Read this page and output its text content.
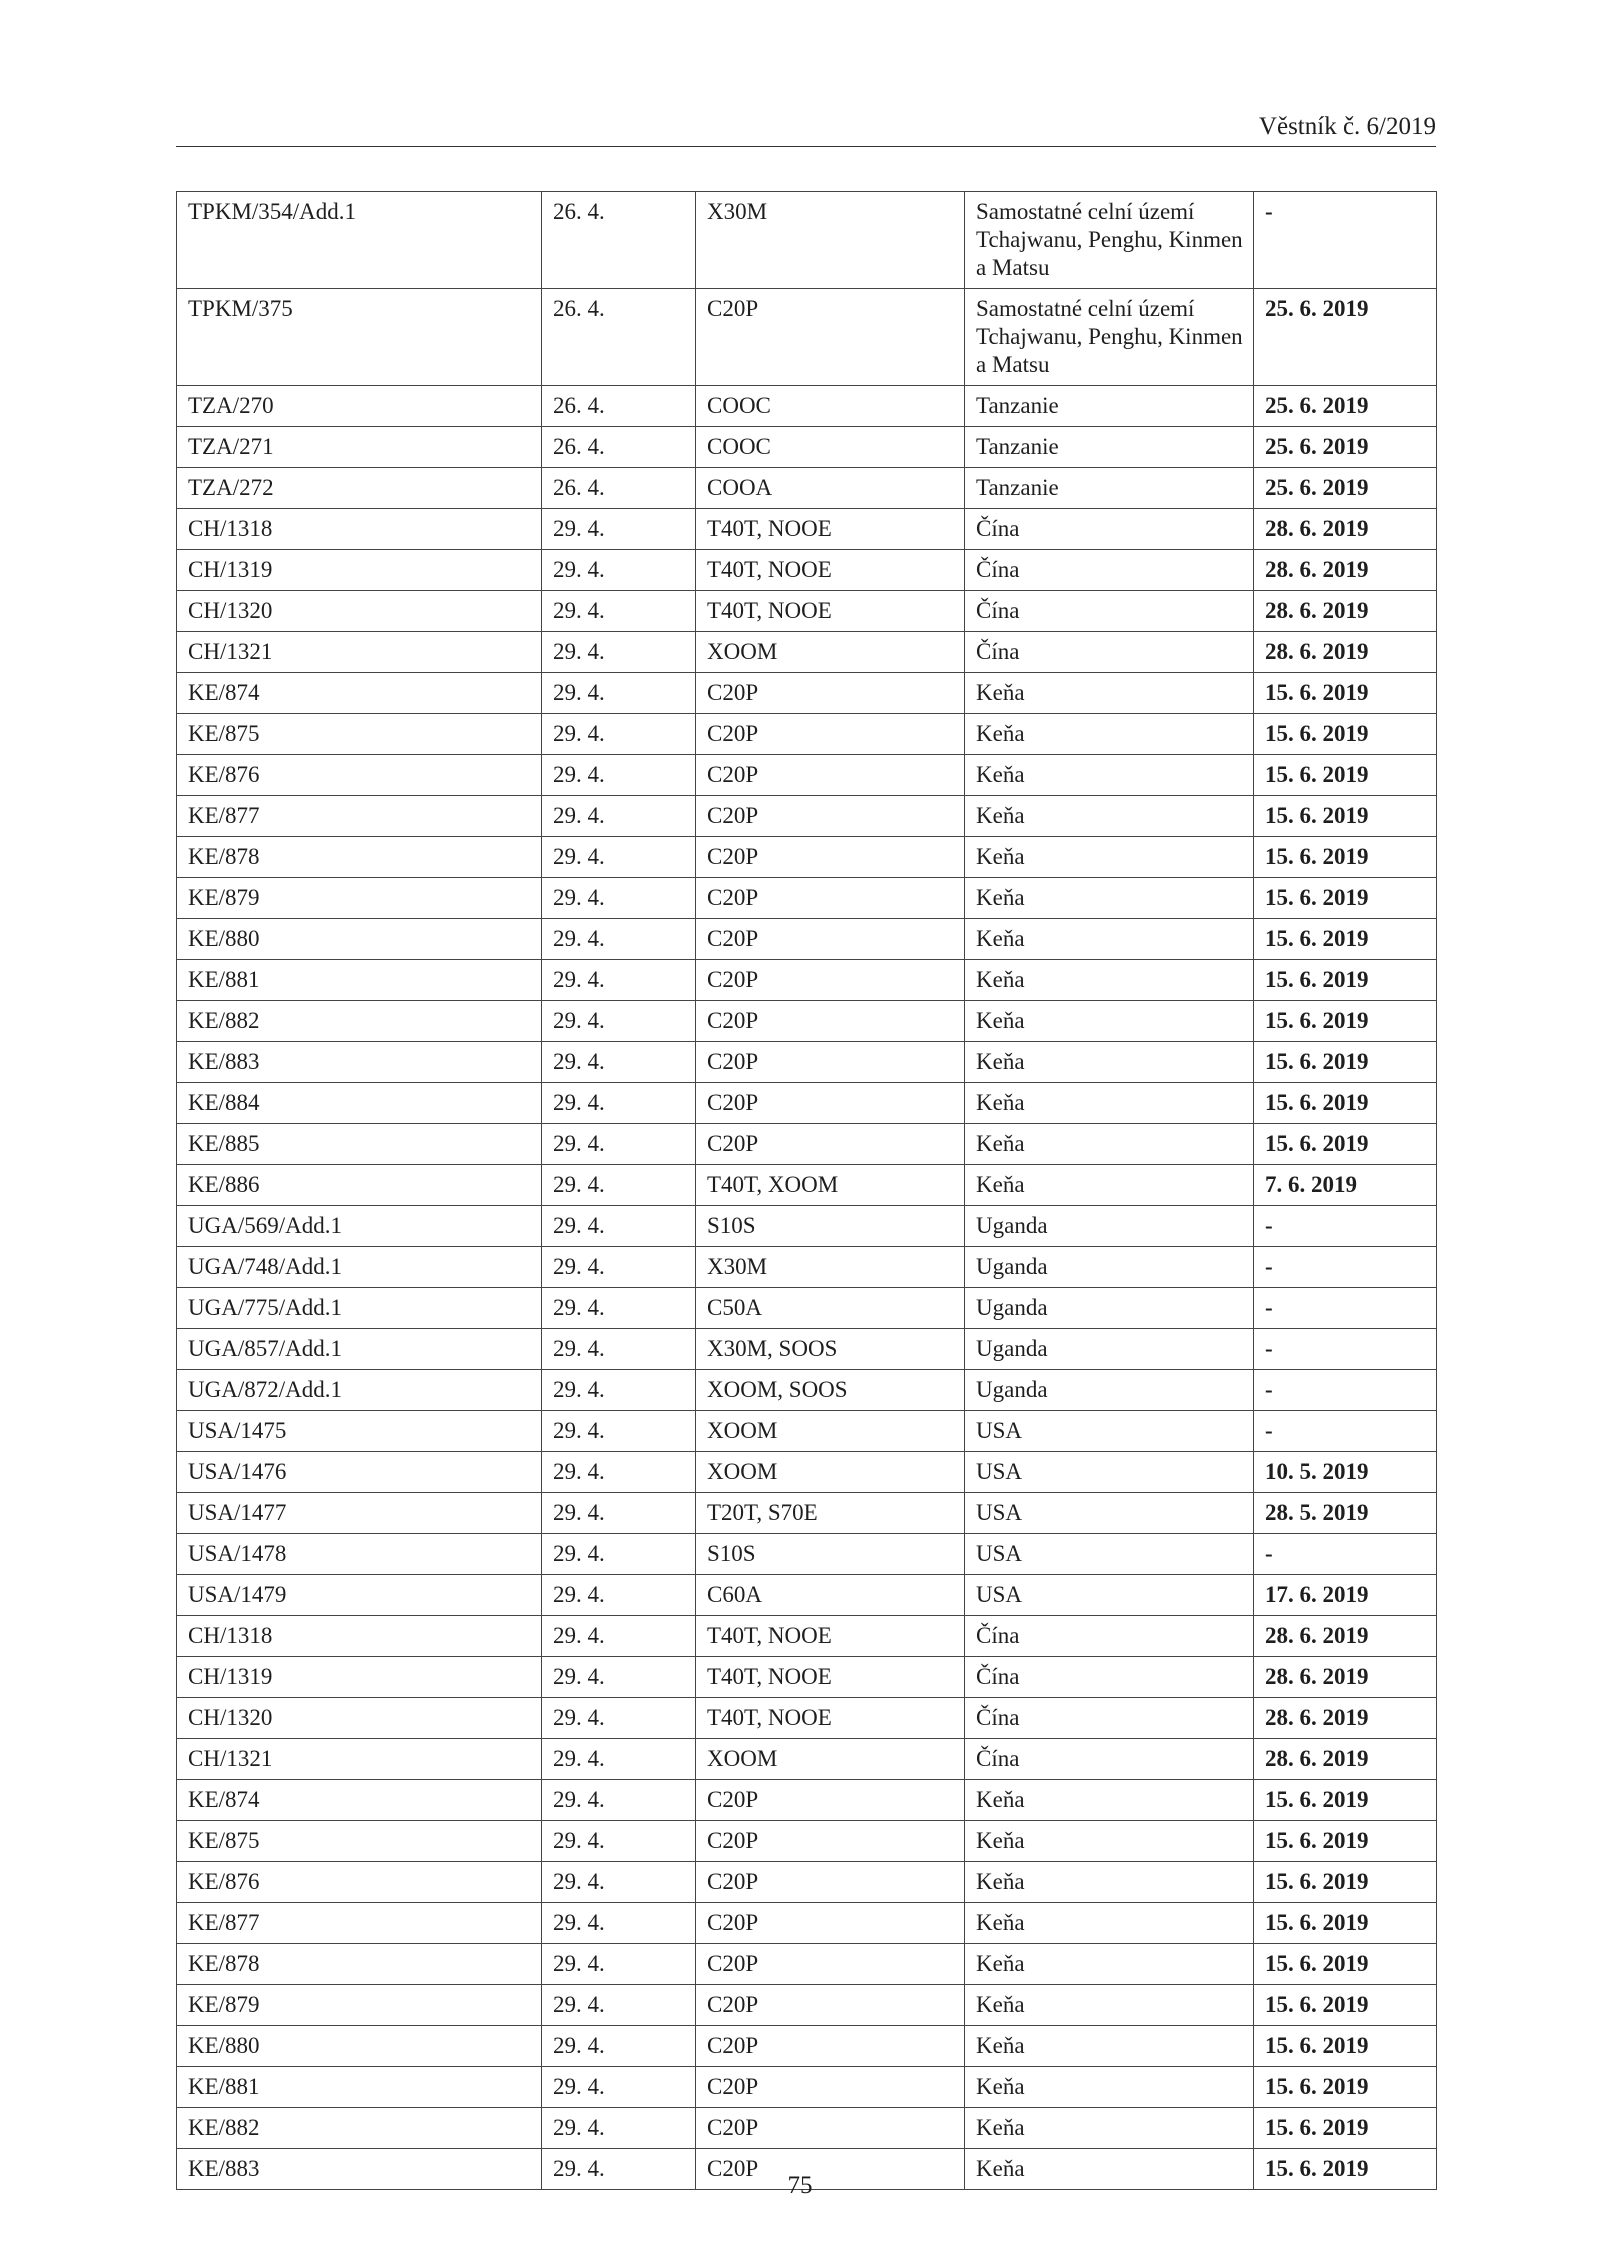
Věstník č. 6/2019
TPKM/354/Add.1	26. 4.	X30M	Samostatné celní území Tchajwanu, Penghu, Kinmen a Matsu	-
TPKM/375	26. 4.	C20P	Samostatné celní území Tchajwanu, Penghu, Kinmen a Matsu	25. 6. 2019
TZA/270	26. 4.	COOC	Tanzanie	25. 6. 2019
TZA/271	26. 4.	COOC	Tanzanie	25. 6. 2019
TZA/272	26. 4.	COOA	Tanzanie	25. 6. 2019
CH/1318	29. 4.	T40T, NOOE	Čína	28. 6. 2019
CH/1319	29. 4.	T40T, NOOE	Čína	28. 6. 2019
CH/1320	29. 4.	T40T, NOOE	Čína	28. 6. 2019
CH/1321	29. 4.	XOOM	Čína	28. 6. 2019
KE/874	29. 4.	C20P	Keňa	15. 6. 2019
KE/875	29. 4.	C20P	Keňa	15. 6. 2019
KE/876	29. 4.	C20P	Keňa	15. 6. 2019
KE/877	29. 4.	C20P	Keňa	15. 6. 2019
KE/878	29. 4.	C20P	Keňa	15. 6. 2019
KE/879	29. 4.	C20P	Keňa	15. 6. 2019
KE/880	29. 4.	C20P	Keňa	15. 6. 2019
KE/881	29. 4.	C20P	Keňa	15. 6. 2019
KE/882	29. 4.	C20P	Keňa	15. 6. 2019
KE/883	29. 4.	C20P	Keňa	15. 6. 2019
KE/884	29. 4.	C20P	Keňa	15. 6. 2019
KE/885	29. 4.	C20P	Keňa	15. 6. 2019
KE/886	29. 4.	T40T, XOOM	Keňa	7. 6. 2019
UGA/569/Add.1	29. 4.	S10S	Uganda	-
UGA/748/Add.1	29. 4.	X30M	Uganda	-
UGA/775/Add.1	29. 4.	C50A	Uganda	-
UGA/857/Add.1	29. 4.	X30M, SOOS	Uganda	-
UGA/872/Add.1	29. 4.	XOOM, SOOS	Uganda	-
USA/1475	29. 4.	XOOM	USA	-
USA/1476	29. 4.	XOOM	USA	10. 5. 2019
USA/1477	29. 4.	T20T, S70E	USA	28. 5. 2019
USA/1478	29. 4.	S10S	USA	-
USA/1479	29. 4.	C60A	USA	17. 6. 2019
CH/1318	29. 4.	T40T, NOOE	Čína	28. 6. 2019
CH/1319	29. 4.	T40T, NOOE	Čína	28. 6. 2019
CH/1320	29. 4.	T40T, NOOE	Čína	28. 6. 2019
CH/1321	29. 4.	XOOM	Čína	28. 6. 2019
KE/874	29. 4.	C20P	Keňa	15. 6. 2019
KE/875	29. 4.	C20P	Keňa	15. 6. 2019
KE/876	29. 4.	C20P	Keňa	15. 6. 2019
KE/877	29. 4.	C20P	Keňa	15. 6. 2019
KE/878	29. 4.	C20P	Keňa	15. 6. 2019
KE/879	29. 4.	C20P	Keňa	15. 6. 2019
KE/880	29. 4.	C20P	Keňa	15. 6. 2019
KE/881	29. 4.	C20P	Keňa	15. 6. 2019
KE/882	29. 4.	C20P	Keňa	15. 6. 2019
KE/883	29. 4.	C20P	Keňa	15. 6. 2019
75
